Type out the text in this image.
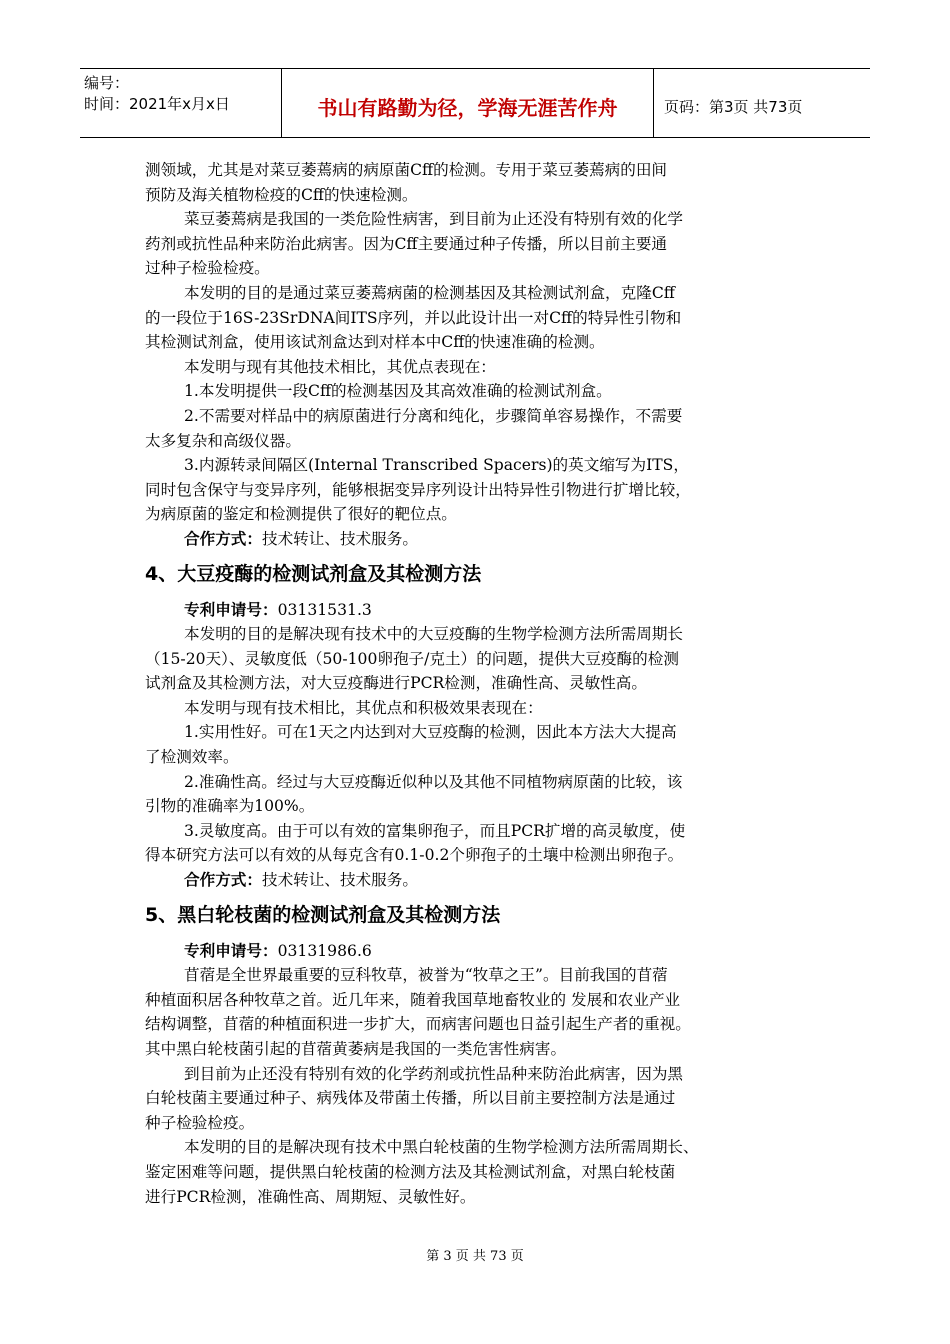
编号：
时间：2021年x月x日	书山有路勤为径，学海无涯苦作舟	页码：第3页 共73页

测领域，尤其是对菜豆萎蔫病的病原菌Cff的检测。专用于菜豆萎蔫病的田间

预防及海关植物检疫的Cff的快速检测。

菜豆萎蔫病是我国的一类危险性病害，到目前为止还没有特别有效的化学

药剂或抗性品种来防治此病害。因为Cff主要通过种子传播，所以目前主要通

过种子检验检疫。

本发明的目的是通过菜豆萎蔫病菌的检测基因及其检测试剂盒，克隆Cff

的一段位于16S-23SrDNA间ITS序列，并以此设计出一对Cff的特异性引物和

其检测试剂盒，使用该试剂盒达到对样本中Cff的快速准确的检测。

本发明与现有其他技术相比，其优点表现在：

1.本发明提供一段Cff的检测基因及其高效准确的检测试剂盒。

2.不需要对样品中的病原菌进行分离和纯化，步骤简单容易操作，不需要

太多复杂和高级仪器。

3.内源转录间隔区(Internal Transcribed Spacers)的英文缩写为ITS，

同时包含保守与变异序列，能够根据变异序列设计出特异性引物进行扩增比较，

为病原菌的鉴定和检测提供了很好的靶位点。

合作方式：技术转让、技术服务。

4、大豆疫酶的检测试剂盒及其检测方法

专利申请号：03131531.3

本发明的目的是解决现有技术中的大豆疫酶的生物学检测方法所需周期长

（15-20天）、灵敏度低（50-100卵孢子/克土）的问题，提供大豆疫酶的检测

试剂盒及其检测方法，对大豆疫酶进行PCR检测，准确性高、灵敏性高。

本发明与现有技术相比，其优点和积极效果表现在：

1.实用性好。可在1天之内达到对大豆疫酶的检测，因此本方法大大提高

了检测效率。

2.准确性高。经过与大豆疫酶近似种以及其他不同植物病原菌的比较，该

引物的准确率为100%。

3.灵敏度高。由于可以有效的富集卵孢子，而且PCR扩增的高灵敏度，使

得本研究方法可以有效的从每克含有0.1-0.2个卵孢子的土壤中检测出卵孢子。

合作方式：技术转让、技术服务。

5、黑白轮枝菌的检测试剂盒及其检测方法

专利申请号：03131986.6

苜蓿是全世界最重要的豆科牧草，被誉为“牧草之王”。目前我国的苜蓿

种植面积居各种牧草之首。近几年来，随着我国草地畜牧业的 发展和农业产业

结构调整，苜蓿的种植面积进一步扩大，而病害问题也日益引起生产者的重视。

其中黑白轮枝菌引起的苜蓿黄萎病是我国的一类危害性病害。

到目前为止还没有特别有效的化学药剂或抗性品种来防治此病害，因为黑

白轮枝菌主要通过种子、病残体及带菌土传播，所以目前主要控制方法是通过

种子检验检疫。

本发明的目的是解决现有技术中黑白轮枝菌的生物学检测方法所需周期长、

鉴定困难等问题，提供黑白轮枝菌的检测方法及其检测试剂盒，对黑白轮枝菌

进行PCR检测，准确性高、周期短、灵敏性好。

第 3 页 共 73 页
